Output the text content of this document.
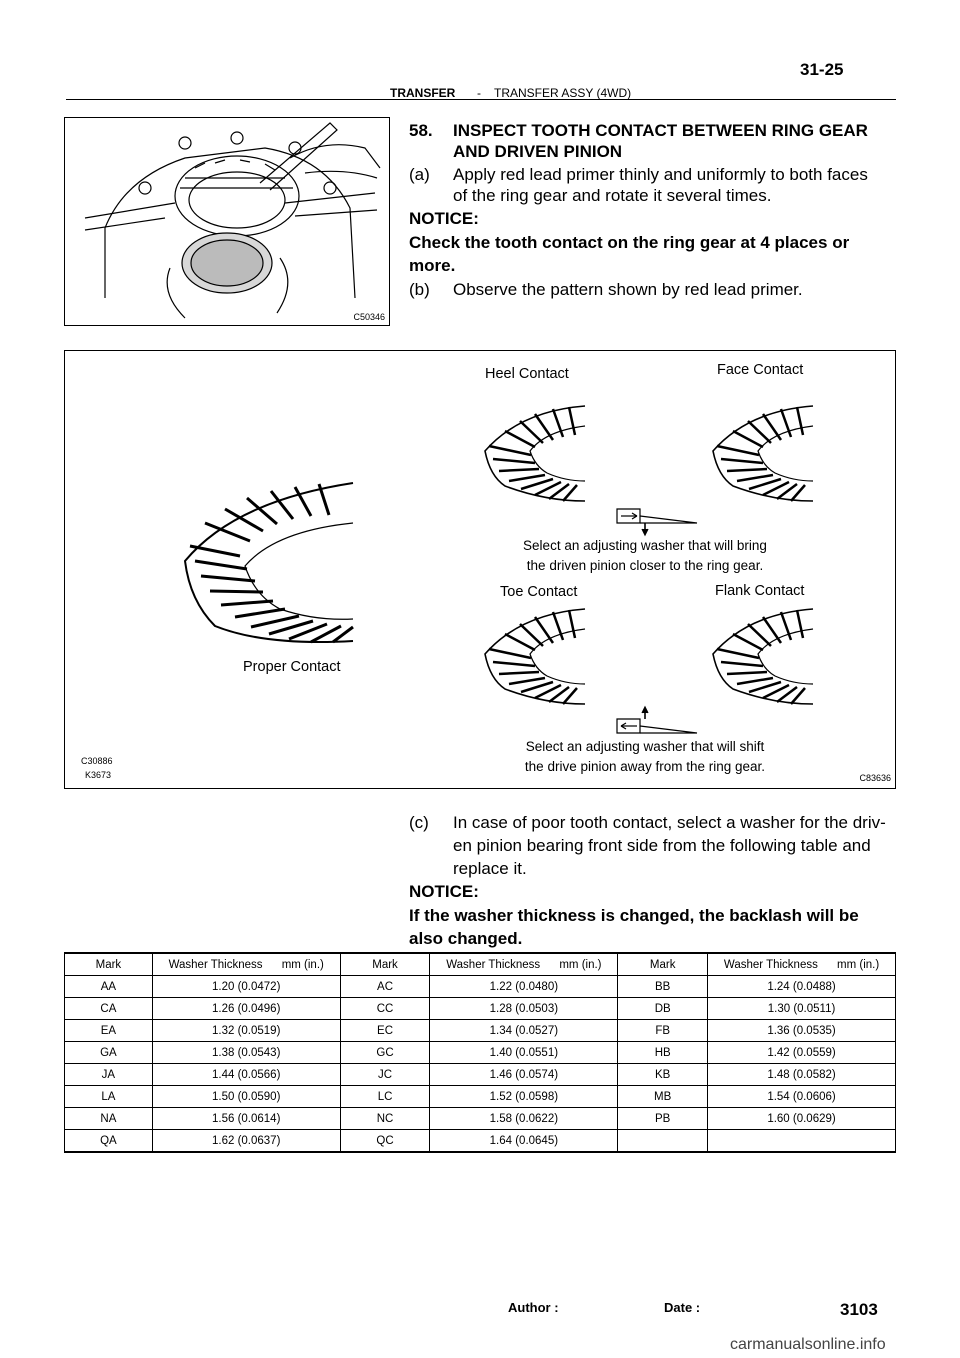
31-25
TRANSFER - TRANSFER ASSY (4WD)
C50346
58. INSPECT TOOTH CONTACT BETWEEN RING GEAR
AND DRIVEN PINION
(a) Apply red lead primer thinly and uniformly to both faces
of the ring gear and rotate it several times.
NOTICE:
Check the tooth contact on the ring gear at 4 places or
more.
(b) Observe the pattern shown by red lead primer.
Heel Contact	Face Contact
Select an adjusting washer that will bring
the driven pinion closer to the ring gear.
Toe Contact	Flank Contact
Proper Contact
Select an adjusting washer that will shift
the drive pinion away from the ring gear.
C30886
K3673	C83636
(c) In case of poor tooth contact, select a washer for the driv-
en pinion bearing front side from the following table and
replace it.
NOTICE:
If the washer thickness is changed, the backlash will be
also changed.
Mark	Washer Thickness      mm (in.)	Mark	Washer Thickness      mm (in.)	Mark	Washer Thickness      mm (in.)
AA	1.20 (0.0472)	AC	1.22 (0.0480)	BB	1.24 (0.0488)
CA	1.26 (0.0496)	CC	1.28 (0.0503)	DB	1.30 (0.0511)
EA	1.32 (0.0519)	EC	1.34 (0.0527)	FB	1.36 (0.0535)
GA	1.38 (0.0543)	GC	1.40 (0.0551)	HB	1.42 (0.0559)
JA	1.44 (0.0566)	JC	1.46 (0.0574)	KB	1.48 (0.0582)
LA	1.50 (0.0590)	LC	1.52 (0.0598)	MB	1.54 (0.0606)
NA	1.56 (0.0614)	NC	1.58 (0.0622)	PB	1.60 (0.0629)
QA	1.62 (0.0637)	QC	1.64 (0.0645)		
Author :	Date :	3103
carmanualsonline.info
